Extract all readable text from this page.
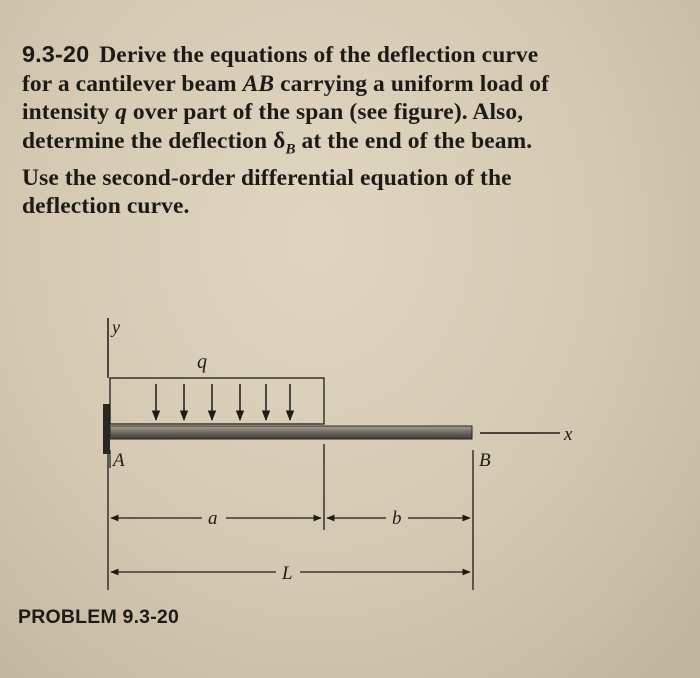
9.3-20 Derive the equations of the deflection curve
for a cantilever beam AB carrying a uniform load of
intensity q over part of the span (see figure). Also,
determine the deflection $\delta_B$ at the end of the beam.
Use the second-order differential equation of the
deflection curve.
y
q
x
A	B
a	b
L
PROBLEM 9.3-20
